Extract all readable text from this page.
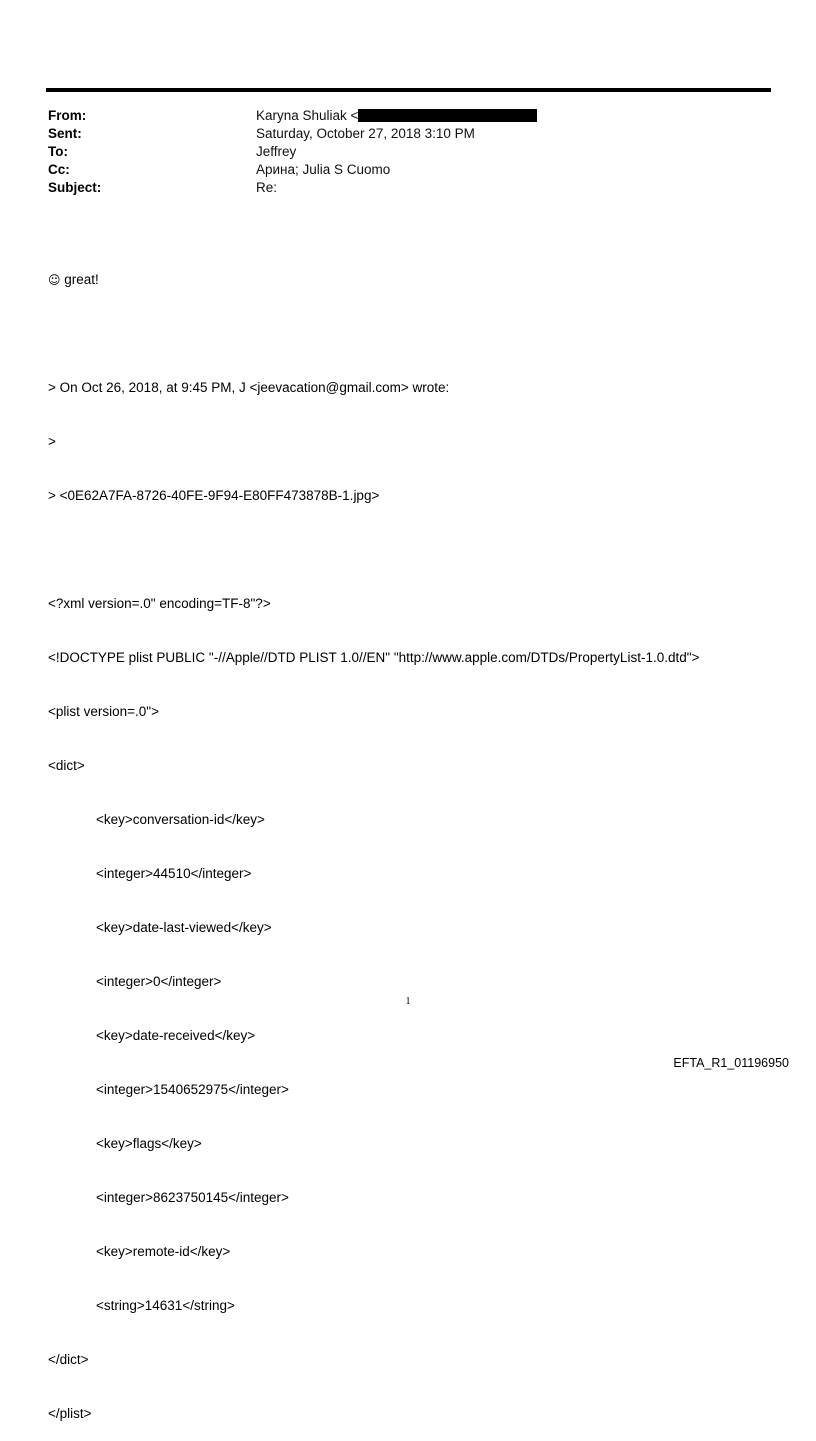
From:	Karyna Shuliak <
Sent:	Saturday, October 27, 2018 3:10 PM
To:	Jeffrey
Cc:	Арина; Julia S Cuomo
Subject:	Re:

☺ great!

> On Oct 26, 2018, at 9:45 PM, J <jeevacation@gmail.com> wrote:

>

> <0E62A7FA-8726-40FE-9F94-E80FF473878B-1.jpg>

<?xml version=.0" encoding=TF-8"?>

<!DOCTYPE plist PUBLIC "-//Apple//DTD PLIST 1.0//EN" "http://www.apple.com/DTDs/PropertyList-1.0.dtd">

<plist version=.0">

<dict>

<key>conversation-id</key>

<integer>44510</integer>

<key>date-last-viewed</key>

<integer>0</integer>

<key>date-received</key>

<integer>1540652975</integer>

<key>flags</key>

<integer>8623750145</integer>

<key>remote-id</key>

<string>14631</string>

</dict>

</plist>

1
EFTA_R1_01196950
